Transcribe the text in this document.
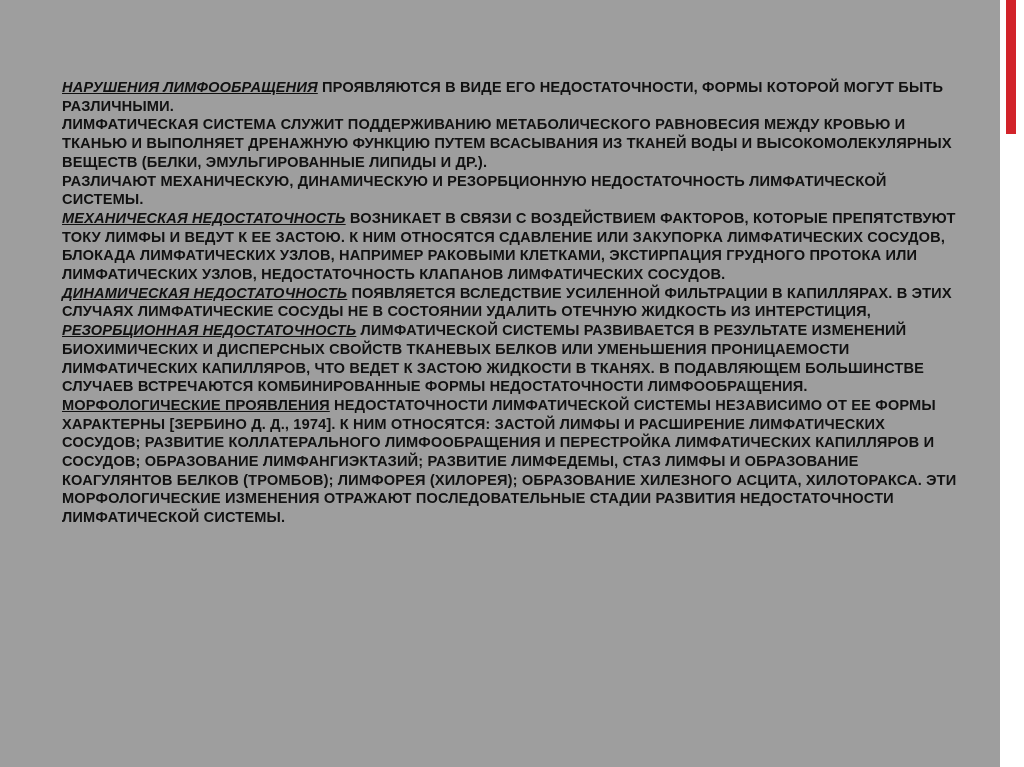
НАРУШЕНИЯ ЛИМФООБРАЩЕНИЯ ПРОЯВЛЯЮТСЯ В ВИДЕ ЕГО НЕДОСТАТОЧНОСТИ, ФОРМЫ КОТОРОЙ МОГУТ БЫТЬ РАЗЛИЧНЫМИ.

ЛИМФАТИЧЕСКАЯ СИСТЕМА СЛУЖИТ ПОДДЕРЖИВАНИЮ МЕТАБОЛИЧЕСКОГО РАВНОВЕСИЯ МЕЖДУ КРОВЬЮ И ТКАНЬЮ И ВЫПОЛНЯЕТ ДРЕНАЖНУЮ ФУНКЦИЮ ПУТЕМ ВСАСЫВАНИЯ ИЗ ТКАНЕЙ ВОДЫ И ВЫСОКОМОЛЕКУЛЯРНЫХ ВЕЩЕСТВ (БЕЛКИ, ЭМУЛЬГИРОВАННЫЕ ЛИПИДЫ И ДР.).

РАЗЛИЧАЮТ МЕХАНИЧЕСКУЮ, ДИНАМИЧЕСКУЮ И РЕЗОРБЦИОННУЮ НЕДОСТАТОЧНОСТЬ ЛИМФАТИЧЕСКОЙ СИСТЕМЫ.

МЕХАНИЧЕСКАЯ НЕДОСТАТОЧНОСТЬ ВОЗНИКАЕТ В СВЯЗИ С ВОЗДЕЙСТВИЕМ ФАКТОРОВ, КОТОРЫЕ ПРЕПЯТСТВУЮТ ТОКУ ЛИМФЫ И ВЕДУТ К ЕЕ ЗАСТОЮ. К НИМ ОТНОСЯТСЯ СДАВЛЕНИЕ ИЛИ ЗАКУПОРКА ЛИМФАТИЧЕСКИХ СОСУДОВ, БЛОКАДА ЛИМФАТИЧЕСКИХ УЗЛОВ, НАПРИМЕР РАКОВЫМИ КЛЕТКАМИ, ЭКСТИРПАЦИЯ ГРУДНОГО ПРОТОКА ИЛИ ЛИМФАТИЧЕСКИХ УЗЛОВ, НЕДОСТАТОЧНОСТЬ КЛАПАНОВ ЛИМФАТИЧЕСКИХ СОСУДОВ.

ДИНАМИЧЕСКАЯ НЕДОСТАТОЧНОСТЬ ПОЯВЛЯЕТСЯ ВСЛЕДСТВИЕ УСИЛЕННОЙ ФИЛЬТРАЦИИ В КАПИЛЛЯРАХ. В ЭТИХ СЛУЧАЯХ ЛИМФАТИЧЕСКИЕ СОСУДЫ НЕ В СОСТОЯНИИ УДАЛИТЬ ОТЕЧНУЮ ЖИДКОСТЬ ИЗ ИНТЕРСТИЦИЯ,

РЕЗОРБЦИОННАЯ НЕДОСТАТОЧНОСТЬ ЛИМФАТИЧЕСКОЙ СИСТЕМЫ РАЗВИВАЕТСЯ В РЕЗУЛЬТАТЕ ИЗМЕНЕНИЙ БИОХИМИЧЕСКИХ И ДИСПЕРСНЫХ СВОЙСТВ ТКАНЕВЫХ БЕЛКОВ ИЛИ УМЕНЬШЕНИЯ ПРОНИЦАЕМОСТИ ЛИМФАТИЧЕСКИХ КАПИЛЛЯРОВ, ЧТО ВЕДЕТ К ЗАСТОЮ ЖИДКОСТИ В ТКАНЯХ. В ПОДАВЛЯЮЩЕМ БОЛЬШИНСТВЕ СЛУЧАЕВ ВСТРЕЧАЮТСЯ КОМБИНИРОВАННЫЕ ФОРМЫ НЕДОСТАТОЧНОСТИ ЛИМФООБРАЩЕНИЯ.

МОРФОЛОГИЧЕСКИЕ ПРОЯВЛЕНИЯ НЕДОСТАТОЧНОСТИ ЛИМФАТИЧЕСКОЙ СИСТЕМЫ НЕЗАВИСИМО ОТ ЕЕ ФОРМЫ ХАРАКТЕРНЫ [ЗЕРБИНО Д. Д., 1974]. К НИМ ОТНОСЯТСЯ: ЗАСТОЙ ЛИМФЫ И РАСШИРЕНИЕ ЛИМФАТИЧЕСКИХ СОСУДОВ; РАЗВИТИЕ КОЛЛАТЕРАЛЬНОГО ЛИМФООБРАЩЕНИЯ И ПЕРЕСТРОЙКА ЛИМФАТИЧЕСКИХ КАПИЛЛЯРОВ И СОСУДОВ; ОБРАЗОВАНИЕ ЛИМФАНГИЭКТАЗИЙ; РАЗВИТИЕ ЛИМФЕДЕМЫ, СТАЗ ЛИМФЫ И ОБРАЗОВАНИЕ КОАГУЛЯНТОВ БЕЛКОВ (ТРОМБОВ); ЛИМФОРЕЯ (ХИЛОРЕЯ); ОБРАЗОВАНИЕ ХИЛЕЗНОГО АСЦИТА, ХИЛОТОРАКСА. ЭТИ МОРФОЛОГИЧЕСКИЕ ИЗМЕНЕНИЯ ОТРАЖАЮТ ПОСЛЕДОВАТЕЛЬНЫЕ СТАДИИ РАЗВИТИЯ НЕДОСТАТОЧНОСТИ ЛИМФАТИЧЕСКОЙ СИСТЕМЫ.
